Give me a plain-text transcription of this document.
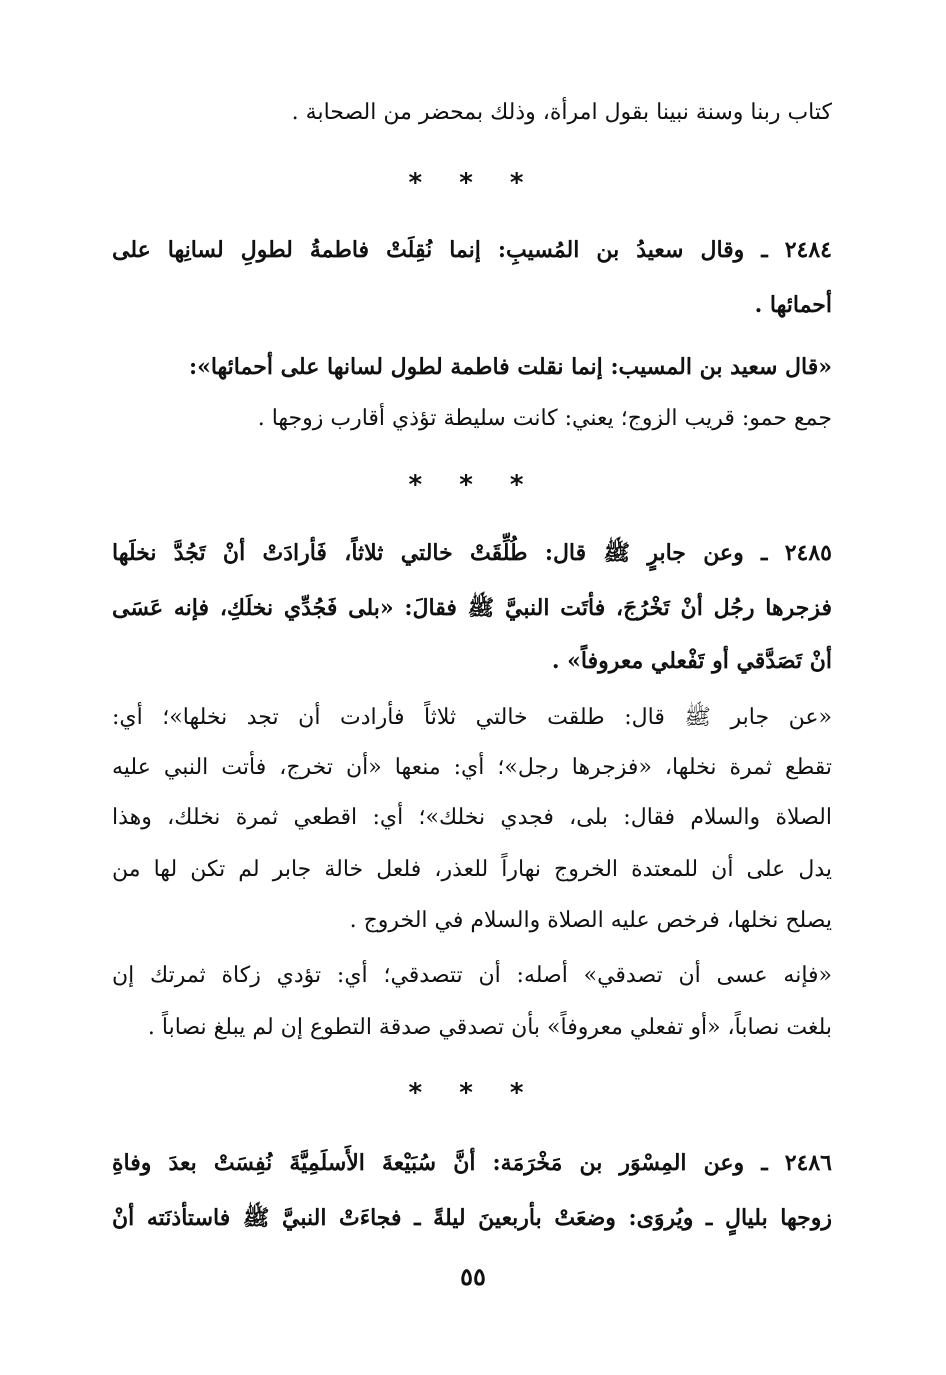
كتاب ربنا وسنة نبينا بقول امرأة، وذلك بمحضر من الصحابة .
* * *
٢٤٨٤ ـ وقال سعيدُ بن المُسيبِ: إنما نُقِلَتْ فاطمةُ لطولِ لسانِها على
أحمائها .
«قال سعيد بن المسيب: إنما نقلت فاطمة لطول لسانها على أحمائها»:
جمع حمو: قريب الزوج؛ يعني: كانت سليطة تؤذي أقارب زوجها .
* * *
٢٤٨٥ ـ وعن جابرٍ ﷺ قال: طُلِّقَتْ خالتي ثلاثاً، فَأرادَتْ أنْ تَجُدَّ نخلَها
فزجرها رجُل أنْ تَخْرُجَ، فأتَت النبيَّ ﷺ فقالَ: «بلى فَجُدِّي نخلَكِ، فإنه عَسَى
أنْ تَصَدَّقي أو تَفْعلي معروفاً» .
«عن جابر ﷺ قال: طلقت خالتي ثلاثاً فأرادت أن تجد نخلها»؛ أي:
تقطع ثمرة نخلها، «فزجرها رجل»؛ أي: منعها «أن تخرج، فأتت النبي عليه
الصلاة والسلام فقال: بلى، فجدي نخلك»؛ أي: اقطعي ثمرة نخلك، وهذا
يدل على أن للمعتدة الخروج نهاراً للعذر، فلعل خالة جابر لم تكن لها من
يصلح نخلها، فرخص عليه الصلاة والسلام في الخروج .
«فإنه عسى أن تصدقي» أصله: أن تتصدقي؛ أي: تؤدي زكاة ثمرتك إن
بلغت نصاباً، «أو تفعلي معروفاً» بأن تصدقي صدقة التطوع إن لم يبلغ نصاباً .
* * *
٢٤٨٦ ـ وعن المِسْوَر بن مَخْرَمَة: أنَّ سُبَيْعةَ الأَسلَمِيَّةَ نُفِسَتْ بعدَ وفاةِ
زوجها بليالٍ ـ ويُروَى: وضعَتْ بأربعينَ ليلةً ـ فجاءَتْ النبيَّ ﷺ فاستأذنَته أنْ
٥٥
